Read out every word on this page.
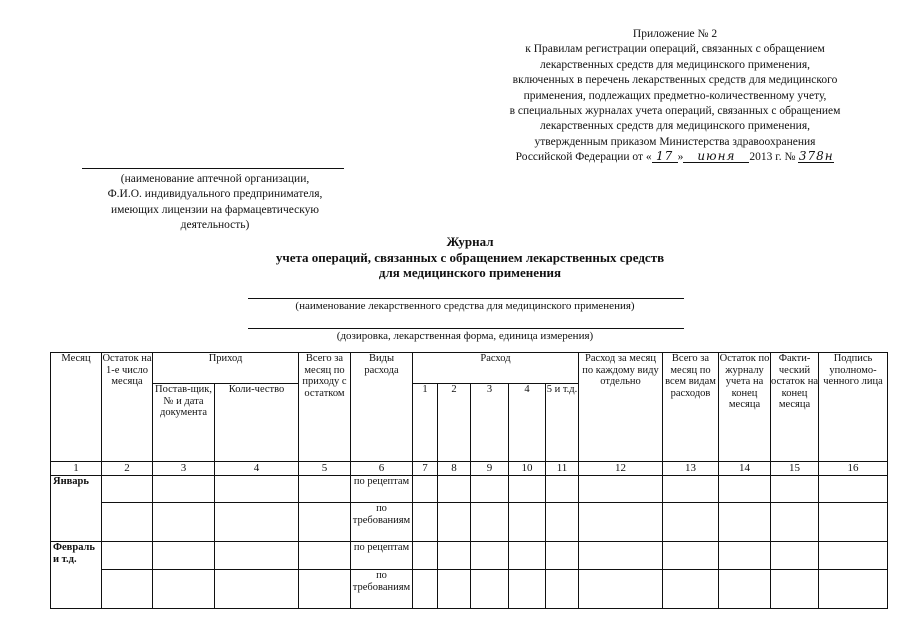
Приложение № 2
к Правилам регистрации операций, связанных с обращением
лекарственных средств для медицинского применения,
включенных в перечень лекарственных средств для медицинского
применения, подлежащих предметно-количественному учету,
в специальных журналах учета операций, связанных с обращением
лекарственных средств для медицинского применения,
утвержденным приказом Министерства здравоохранения
Российской Федерации от « 17 » июня 2013 г. № 378н
(наименование аптечной организации,
Ф.И.О. индивидуального предпринимателя,
имеющих лицензии на фармацевтическую
деятельность)
Журнал
учета операций, связанных с обращением лекарственных средств
для медицинского применения
(наименование лекарственного средства для медицинского применения)
(дозировка, лекарственная форма, единица измерения)
Месяц	Остаток на 1-е число месяца	Приход		Всего за месяц по приходу с остатком	Виды расхода	Расход					Расход за месяц по каждому виду отдельно	Всего за месяц по всем видам расходов	Остаток по журналу учета на конец месяца	Факти-ческий остаток на конец месяца	Подпись уполномо-ченного лица
		Постав-щик, № и дата документа	Коли-чество			1	2	3	4	5 и т.д.					
1	2	3	4	5	6	7	8	9	10	11	12	13	14	15	16
Январь					по рецептам										
					по требованиям										
Февраль и т.д.					по рецептам										
					по требованиям										
